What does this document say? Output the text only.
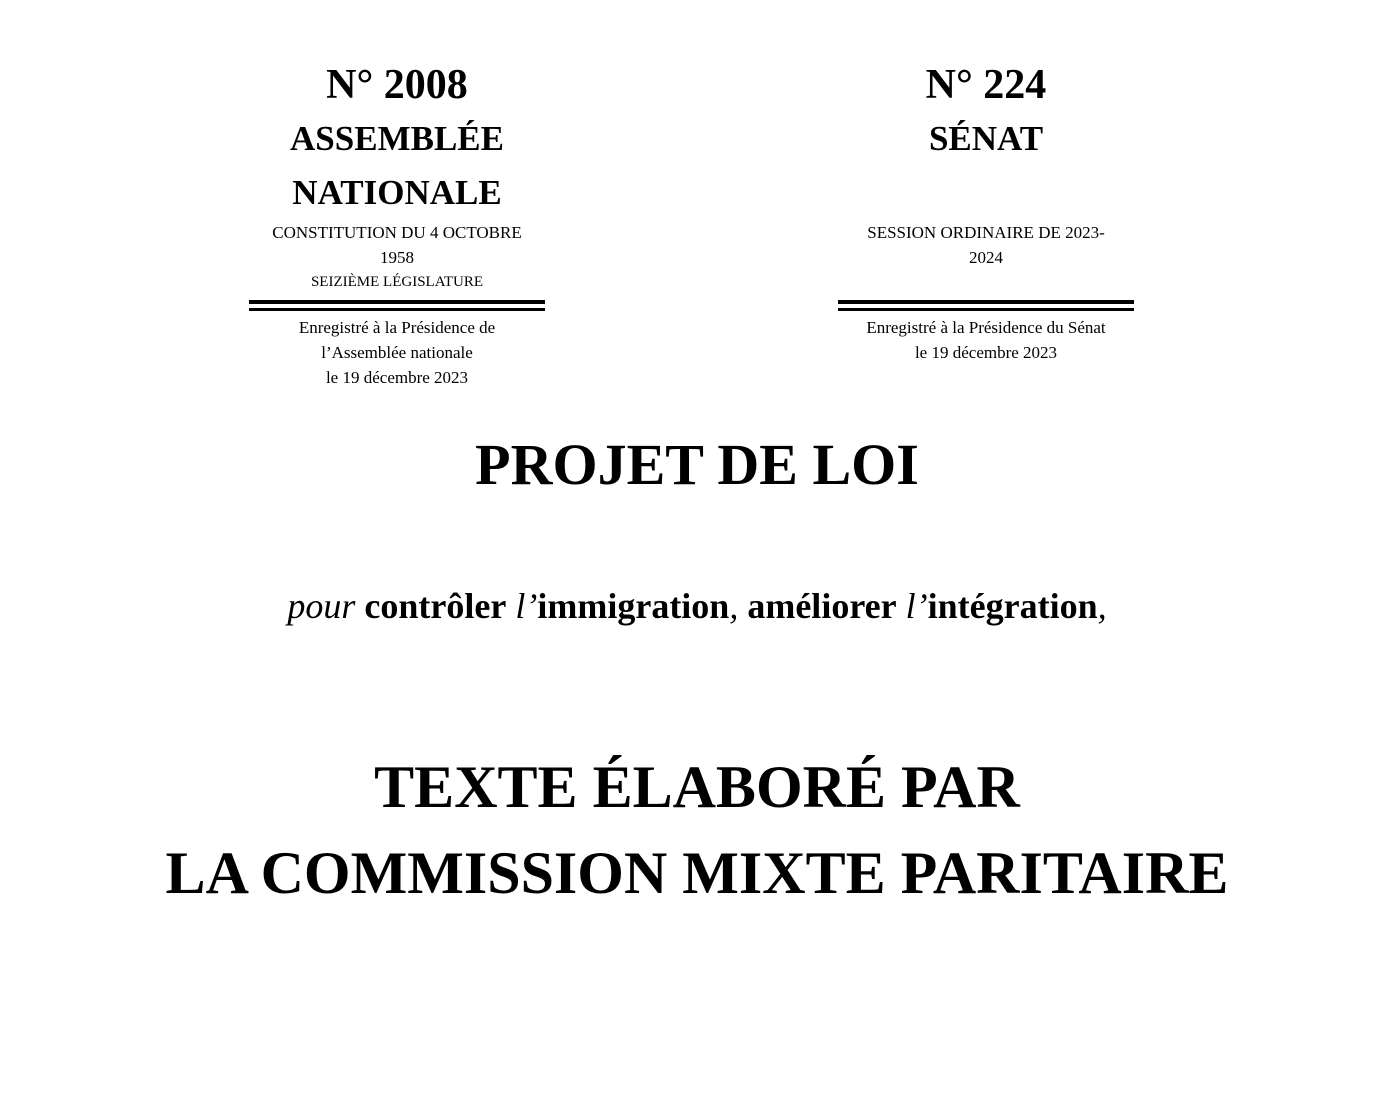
N° 2008

ASSEMBLÉE

NATIONALE

CONSTITUTION DU 4 OCTOBRE

1958

SEIZIÈME LÉGISLATURE

Enregistré à la Présidence de

l’Assemblée nationale

le 19 décembre 2023

N° 224

SÉNAT

SESSION ORDINAIRE DE 2023-

2024

Enregistré à la Présidence du Sénat

le 19 décembre 2023

PROJET DE LOI

pour contrôler l’immigration, améliorer l’intégration,

TEXTE ÉLABORÉ PAR
LA COMMISSION MIXTE PARITAIRE
